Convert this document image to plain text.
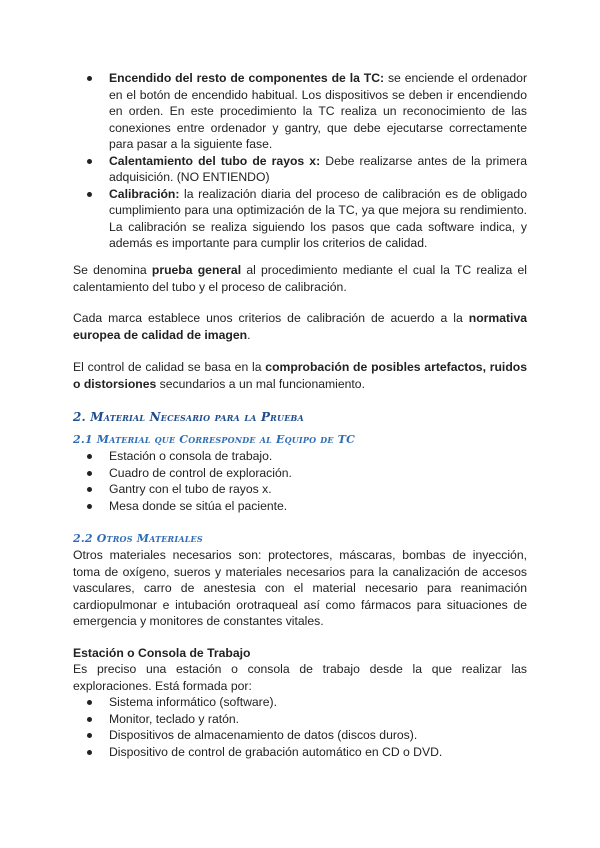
Encendido del resto de componentes de la TC: se enciende el ordenador en el botón de encendido habitual. Los dispositivos se deben ir encendiendo en orden. En este procedimiento la TC realiza un reconocimiento de las conexiones entre ordenador y gantry, que debe ejecutarse correctamente para pasar a la siguiente fase.
Calentamiento del tubo de rayos x: Debe realizarse antes de la primera adquisición. (NO ENTIENDO)
Calibración: la realización diaria del proceso de calibración es de obligado cumplimiento para una optimización de la TC, ya que mejora su rendimiento. La calibración se realiza siguiendo los pasos que cada software indica, y además es importante para cumplir los criterios de calidad.

Se denomina prueba general al procedimiento mediante el cual la TC realiza el calentamiento del tubo y el proceso de calibración.

Cada marca establece unos criterios de calibración de acuerdo a la normativa europea de calidad de imagen.

El control de calidad se basa en la comprobación de posibles artefactos, ruidos o distorsiones secundarios a un mal funcionamiento.

2. Material Necesario para la Prueba
2.1 Material que Corresponde al Equipo de TC
Estación o consola de trabajo.
Cuadro de control de exploración.
Gantry con el tubo de rayos x.
Mesa donde se sitúa el paciente.
2.2 Otros Materiales

Otros materiales necesarios son: protectores, máscaras, bombas de inyección, toma de oxígeno, sueros y materiales necesarios para la canalización de accesos vasculares, carro de anestesia con el material necesario para reanimación cardiopulmonar e intubación orotraqueal así como fármacos para situaciones de emergencia y monitores de constantes vitales.

Estación o Consola de Trabajo

Es preciso una estación o consola de trabajo desde la que realizar las exploraciones. Está formada por:

Sistema informático (software).
Monitor, teclado y ratón.
Dispositivos de almacenamiento de datos (discos duros).
Dispositivo de control de grabación automático en CD o DVD.
